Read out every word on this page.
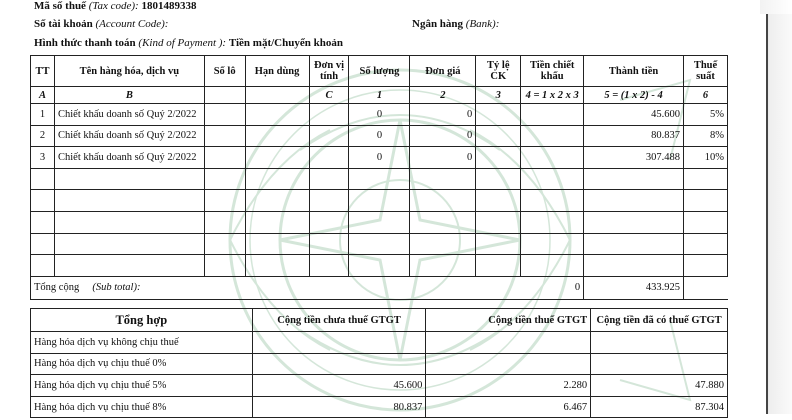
Mã số thuế (Tax code): 1801489338
Số tài khoản (Account Code):	Ngân hàng (Bank):
Hình thức thanh toán (Kind of Payment ): Tiền mặt/Chuyển khoản
TT	Tên hàng hóa, dịch vụ	Số lô	Hạn dùng	Đơn vị tính	Số lượng	Đơn giá	Tỷ lệ CK	Tiền chiết khấu	Thành tiền	Thuế suất
A	B			C	1	2	3	4 = 1 x 2 x 3	5 = (1 x 2) - 4	6
1	Chiết khấu doanh số Quý 2/2022				0	0			45.600	5%
2	Chiết khấu doanh số Quý 2/2022				0	0			80.837	8%
3	Chiết khấu doanh số Quý 2/2022				0	0			307.488	10%

Tổng cộng (Sub total):								0	433.925	
Tổng hợp	Cộng tiền chưa thuế GTGT	Cộng tiền thuế GTGT	Cộng tiền đã có thuế GTGT
Hàng hóa dịch vụ không chịu thuế			
Hàng hóa dịch vụ chịu thuế 0%			
Hàng hóa dịch vụ chịu thuế 5%	45.600	2.280	47.880
Hàng hóa dịch vụ chịu thuế 8%	80.837	6.467	87.304
